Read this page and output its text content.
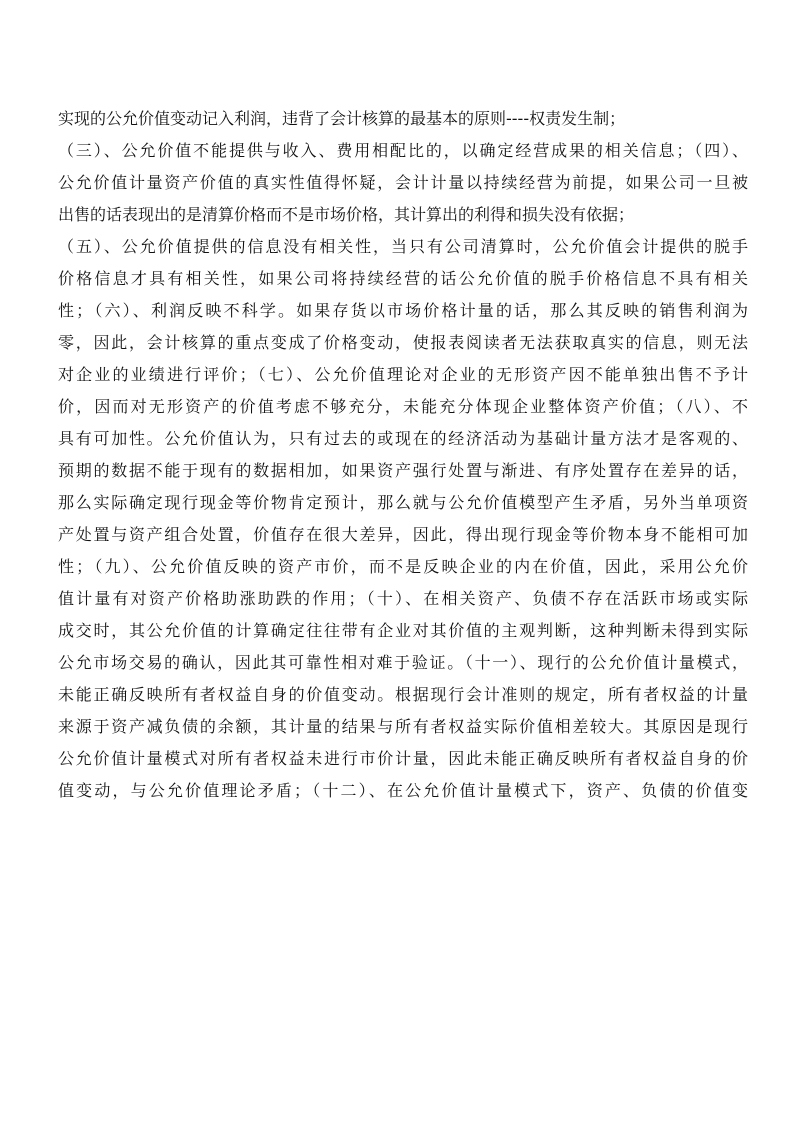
实现的公允价值变动记入利润，违背了会计核算的最基本的原则----权责发生制；
（三）、公允价值不能提供与收入、费用相配比的，以确定经营成果的相关信息；（四）、
公允价值计量资产价值的真实性值得怀疑，会计计量以持续经营为前提，如果公司一旦被
出售的话表现出的是清算价格而不是市场价格，其计算出的利得和损失没有依据；
（五）、公允价值提供的信息没有相关性，当只有公司清算时，公允价值会计提供的脱手
价格信息才具有相关性，如果公司将持续经营的话公允价值的脱手价格信息不具有相关
性；（六）、利润反映不科学。如果存货以市场价格计量的话，那么其反映的销售利润为
零，因此，会计核算的重点变成了价格变动，使报表阅读者无法获取真实的信息，则无法
对企业的业绩进行评价；（七）、公允价值理论对企业的无形资产因不能单独出售不予计
价，因而对无形资产的价值考虑不够充分，未能充分体现企业整体资产价值；（八）、不
具有可加性。公允价值认为，只有过去的或现在的经济活动为基础计量方法才是客观的、
预期的数据不能于现有的数据相加，如果资产强行处置与渐进、有序处置存在差异的话，
那么实际确定现行现金等价物肯定预计，那么就与公允价值模型产生矛盾，另外当单项资
产处置与资产组合处置，价值存在很大差异，因此，得出现行现金等价物本身不能相可加
性；（九）、公允价值反映的资产市价，而不是反映企业的内在价值，因此，采用公允价
值计量有对资产价格助涨助跌的作用；（十）、在相关资产、负债不存在活跃市场或实际
成交时，其公允价值的计算确定往往带有企业对其价值的主观判断，这种判断未得到实际
公允市场交易的确认，因此其可靠性相对难于验证。（十一）、现行的公允价值计量模式，
未能正确反映所有者权益自身的价值变动。根据现行会计准则的规定，所有者权益的计量
来源于资产减负债的余额，其计量的结果与所有者权益实际价值相差较大。其原因是现行
公允价值计量模式对所有者权益未进行市价计量，因此未能正确反映所有者权益自身的价
值变动，与公允价值理论矛盾；（十二）、在公允价值计量模式下，资产、负债的价值变
